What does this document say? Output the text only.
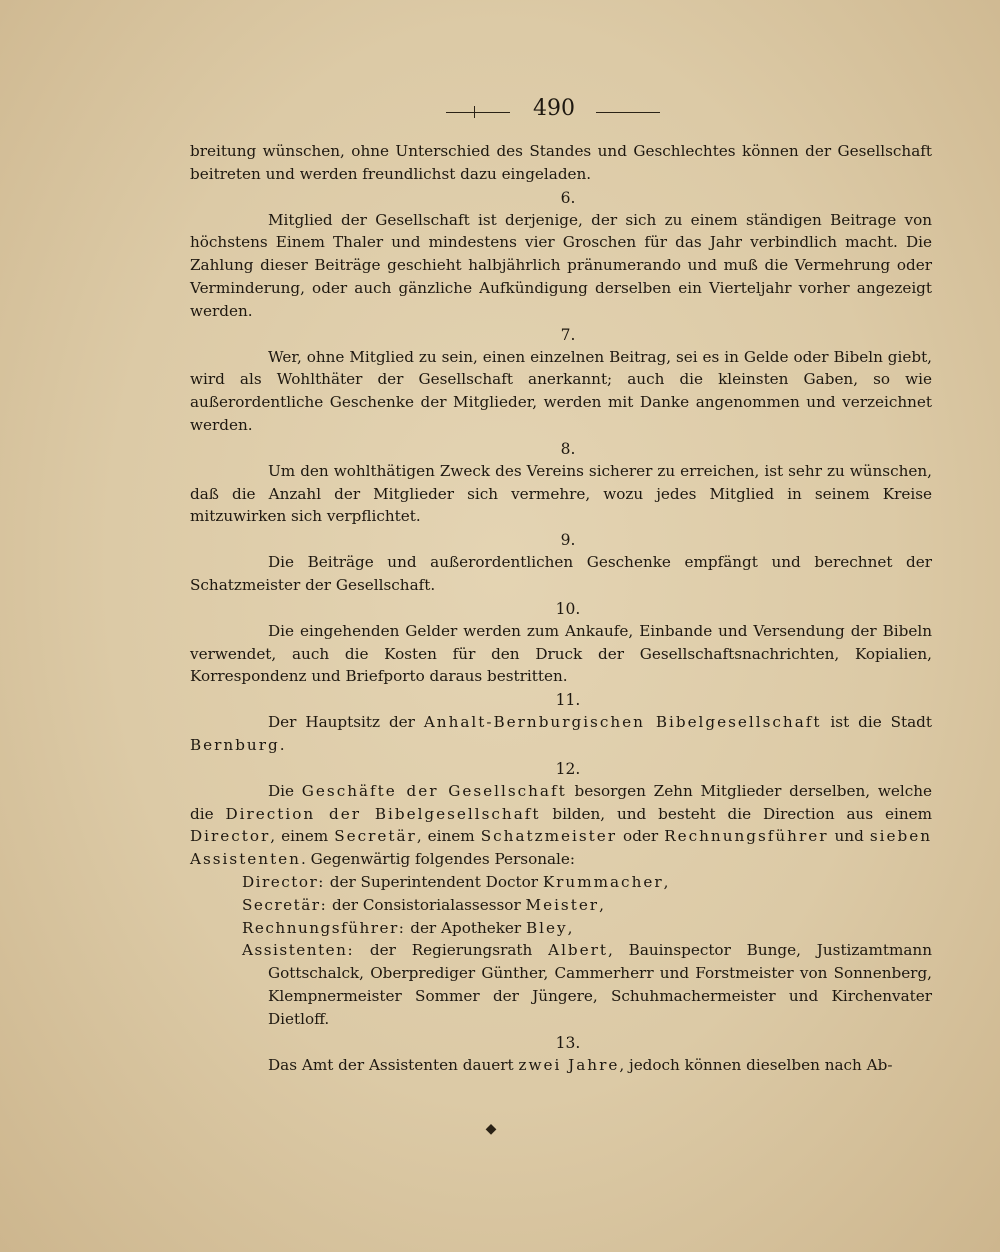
490

breitung wünschen, ohne Unterschied des Standes und Geschlechtes können der Gesellschaft beitreten und werden freundlichst dazu eingeladen.

6.

Mitglied der Gesellschaft ist derjenige, der sich zu einem ständigen Beitrage von höchstens Einem Thaler und mindestens vier Groschen für das Jahr verbindlich macht. Die Zahlung dieser Beiträge geschieht halbjährlich pränumerando und muß die Vermehrung oder Verminderung, oder auch gänzliche Aufkündigung derselben ein Vierteljahr vorher angezeigt werden.

7.

Wer, ohne Mitglied zu sein, einen einzelnen Beitrag, sei es in Gelde oder Bibeln giebt, wird als Wohlthäter der Gesellschaft anerkannt; auch die kleinsten Gaben, so wie außerordentliche Geschenke der Mitglieder, werden mit Danke angenommen und verzeichnet werden.

8.

Um den wohlthätigen Zweck des Vereins sicherer zu erreichen, ist sehr zu wünschen, daß die Anzahl der Mitglieder sich vermehre, wozu jedes Mitglied in seinem Kreise mitzuwirken sich verpflichtet.

9.

Die Beiträge und außerordentlichen Geschenke empfängt und berechnet der Schatzmeister der Gesellschaft.

10.

Die eingehenden Gelder werden zum Ankaufe, Einbande und Versendung der Bibeln verwendet, auch die Kosten für den Druck der Gesellschaftsnachrichten, Kopialien, Korrespondenz und Briefporto daraus bestritten.

11.

Der Hauptsitz der Anhalt-Bernburgischen Bibelgesellschaft ist die Stadt Bernburg.

12.

Die Geschäfte der Gesellschaft besorgen Zehn Mitglieder derselben, welche die Direction der Bibelgesellschaft bilden, und besteht die Direction aus einem Director, einem Secretär, einem Schatzmeister oder Rechnungsführer und sieben Assistenten. Gegenwärtig folgendes Personale:

Director: der Superintendent Doctor Krummacher,
Secretär: der Consistorialassessor Meister,
Rechnungsführer: der Apotheker Bley,
Assistenten: der Regierungsrath Albert, Bauinspector Bunge, Justizamtmann Gottschalck, Oberprediger Günther, Cammerherr und Forstmeister von Sonnenberg, Klempnermeister Sommer der Jüngere, Schuhmachermeister und Kirchenvater Dietloff.
13.

Das Amt der Assistenten dauert zwei Jahre, jedoch können dieselben nach Ab-

◆
